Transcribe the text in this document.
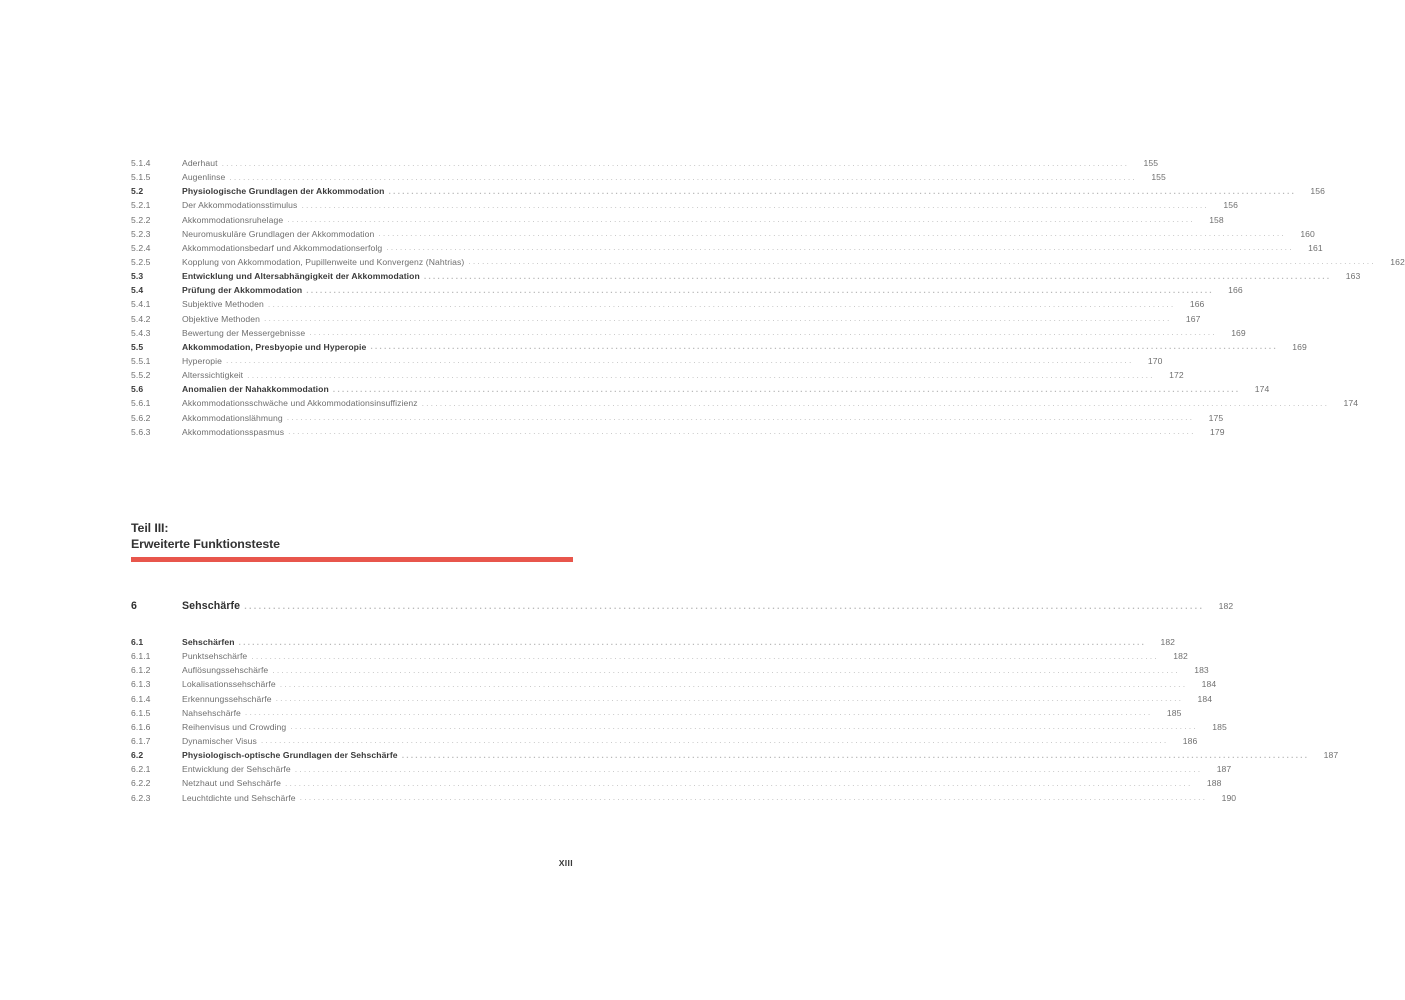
5.1.4	Aderhaut ........................................................................................................................................................................................................	155
5.1.5	Augenlinse ........................................................................................................................................................................................................	155
5.2	Physiologische Grundlagen der Akkommodation ........................................................................................................................................................................................................	156
5.2.1	Der Akkommodationsstimulus ........................................................................................................................................................................................................	156
5.2.2	Akkommodationsruhelage ........................................................................................................................................................................................................	158
5.2.3	Neuromuskuläre Grundlagen der Akkommodation ........................................................................................................................................................................................................	160
5.2.4	Akkommodationsbedarf und Akkommodationserfolg ........................................................................................................................................................................................................	161
5.2.5	Kopplung von Akkommodation, Pupillenweite und Konvergenz (Nahtrias) ........................................................................................................................................................................................................	162
5.3	Entwicklung und Altersabhängigkeit der Akkommodation ........................................................................................................................................................................................................	163
5.4	Prüfung der Akkommodation ........................................................................................................................................................................................................	166
5.4.1	Subjektive Methoden ........................................................................................................................................................................................................	166
5.4.2	Objektive Methoden ........................................................................................................................................................................................................	167
5.4.3	Bewertung der Messergebnisse ........................................................................................................................................................................................................	169
5.5	Akkommodation, Presbyopie und Hyperopie ........................................................................................................................................................................................................	169
5.5.1	Hyperopie ........................................................................................................................................................................................................	170
5.5.2	Alterssichtigkeit ........................................................................................................................................................................................................	172
5.6	Anomalien der Nahakkommodation ........................................................................................................................................................................................................	174
5.6.1	Akkommodationsschwäche und Akkommodationsinsuffizienz ........................................................................................................................................................................................................	174
5.6.2	Akkommodationslähmung ........................................................................................................................................................................................................	175
5.6.3	Akkommodationsspasmus ........................................................................................................................................................................................................	179
Teil III:
Erweiterte Funktionsteste
6	Sehschärfe ........................................................................................................................................................................................................	182
6.1	Sehschärfen ........................................................................................................................................................................................................	182
6.1.1	Punktsehschärfe ........................................................................................................................................................................................................	182
6.1.2	Auflösungssehschärfe ........................................................................................................................................................................................................	183
6.1.3	Lokalisationssehschärfe ........................................................................................................................................................................................................	184
6.1.4	Erkennungssehschärfe ........................................................................................................................................................................................................	184
6.1.5	Nahsehschärfe ........................................................................................................................................................................................................	185
6.1.6	Reihenvisus und Crowding ........................................................................................................................................................................................................	185
6.1.7	Dynamischer Visus ........................................................................................................................................................................................................	186
6.2	Physiologisch-optische Grundlagen der Sehschärfe ........................................................................................................................................................................................................	187
6.2.1	Entwicklung der Sehschärfe ........................................................................................................................................................................................................	187
6.2.2	Netzhaut und Sehschärfe ........................................................................................................................................................................................................	188
6.2.3	Leuchtdichte und Sehschärfe ........................................................................................................................................................................................................	190
XIII
